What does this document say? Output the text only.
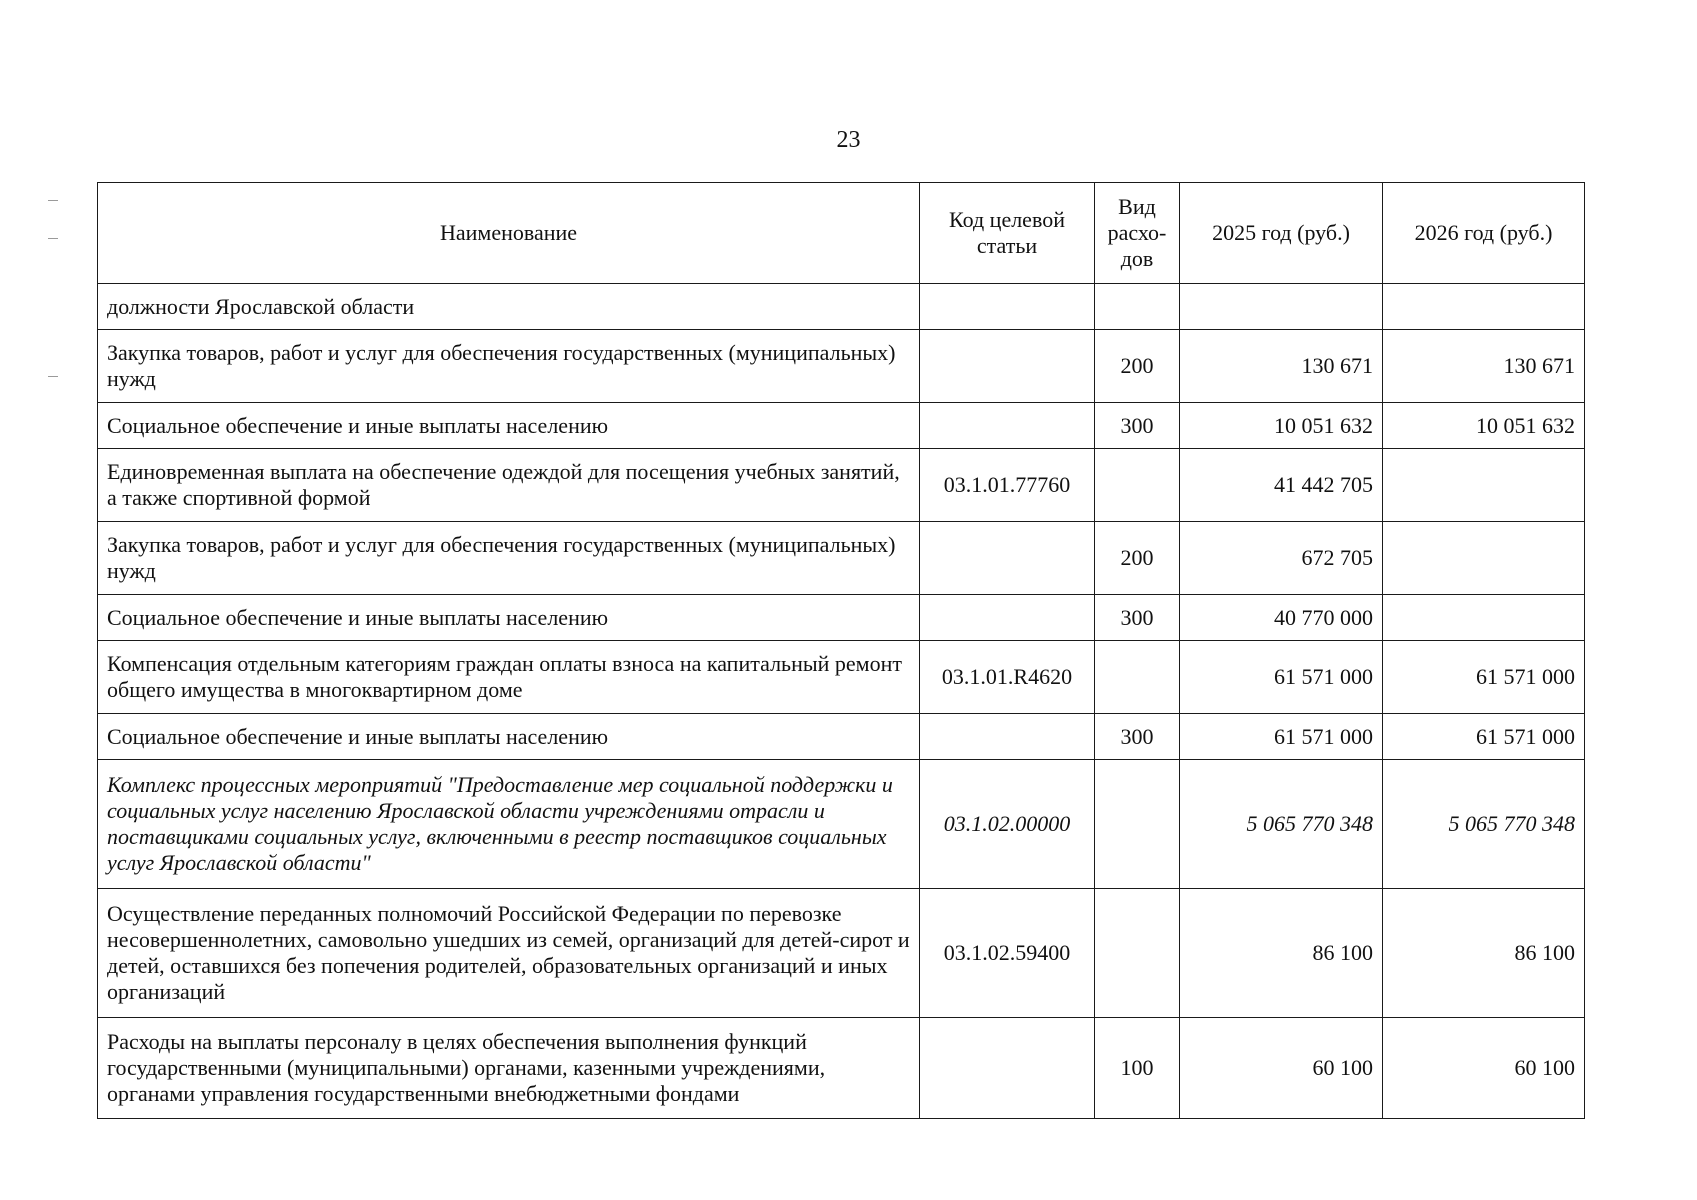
23
Наименование	Код целевой статьи	Вид расхо-дов	2025 год (руб.)	2026 год (руб.)
должности Ярославской области				
Закупка товаров, работ и услуг для обеспечения государственных (муниципальных) нужд		200	130 671	130 671
Социальное обеспечение и иные выплаты населению		300	10 051 632	10 051 632
Единовременная выплата на обеспечение одеждой для посещения учебных занятий, а также спортивной формой	03.1.01.77760		41 442 705	
Закупка товаров, работ и услуг для обеспечения государственных (муниципальных) нужд		200	672 705	
Социальное обеспечение и иные выплаты населению		300	40 770 000	
Компенсация отдельным категориям граждан оплаты взноса на капитальный ремонт общего имущества в многоквартирном доме	03.1.01.R4620		61 571 000	61 571 000
Социальное обеспечение и иные выплаты населению		300	61 571 000	61 571 000
Комплекс процессных мероприятий "Предоставление мер социальной поддержки и социальных услуг населению Ярославской области учреждениями отрасли и поставщиками социальных услуг, включенными в реестр поставщиков социальных услуг Ярославской области"	03.1.02.00000		5 065 770 348	5 065 770 348
Осуществление переданных полномочий Российской Федерации по перевозке несовершеннолетних, самовольно ушедших из семей, организаций для детей-сирот и детей, оставшихся без попечения родителей, образовательных организаций и иных организаций	03.1.02.59400		86 100	86 100
Расходы на выплаты персоналу в целях обеспечения выполнения функций государственными (муниципальными) органами, казенными учреждениями, органами управления государственными внебюджетными фондами		100	60 100	60 100
